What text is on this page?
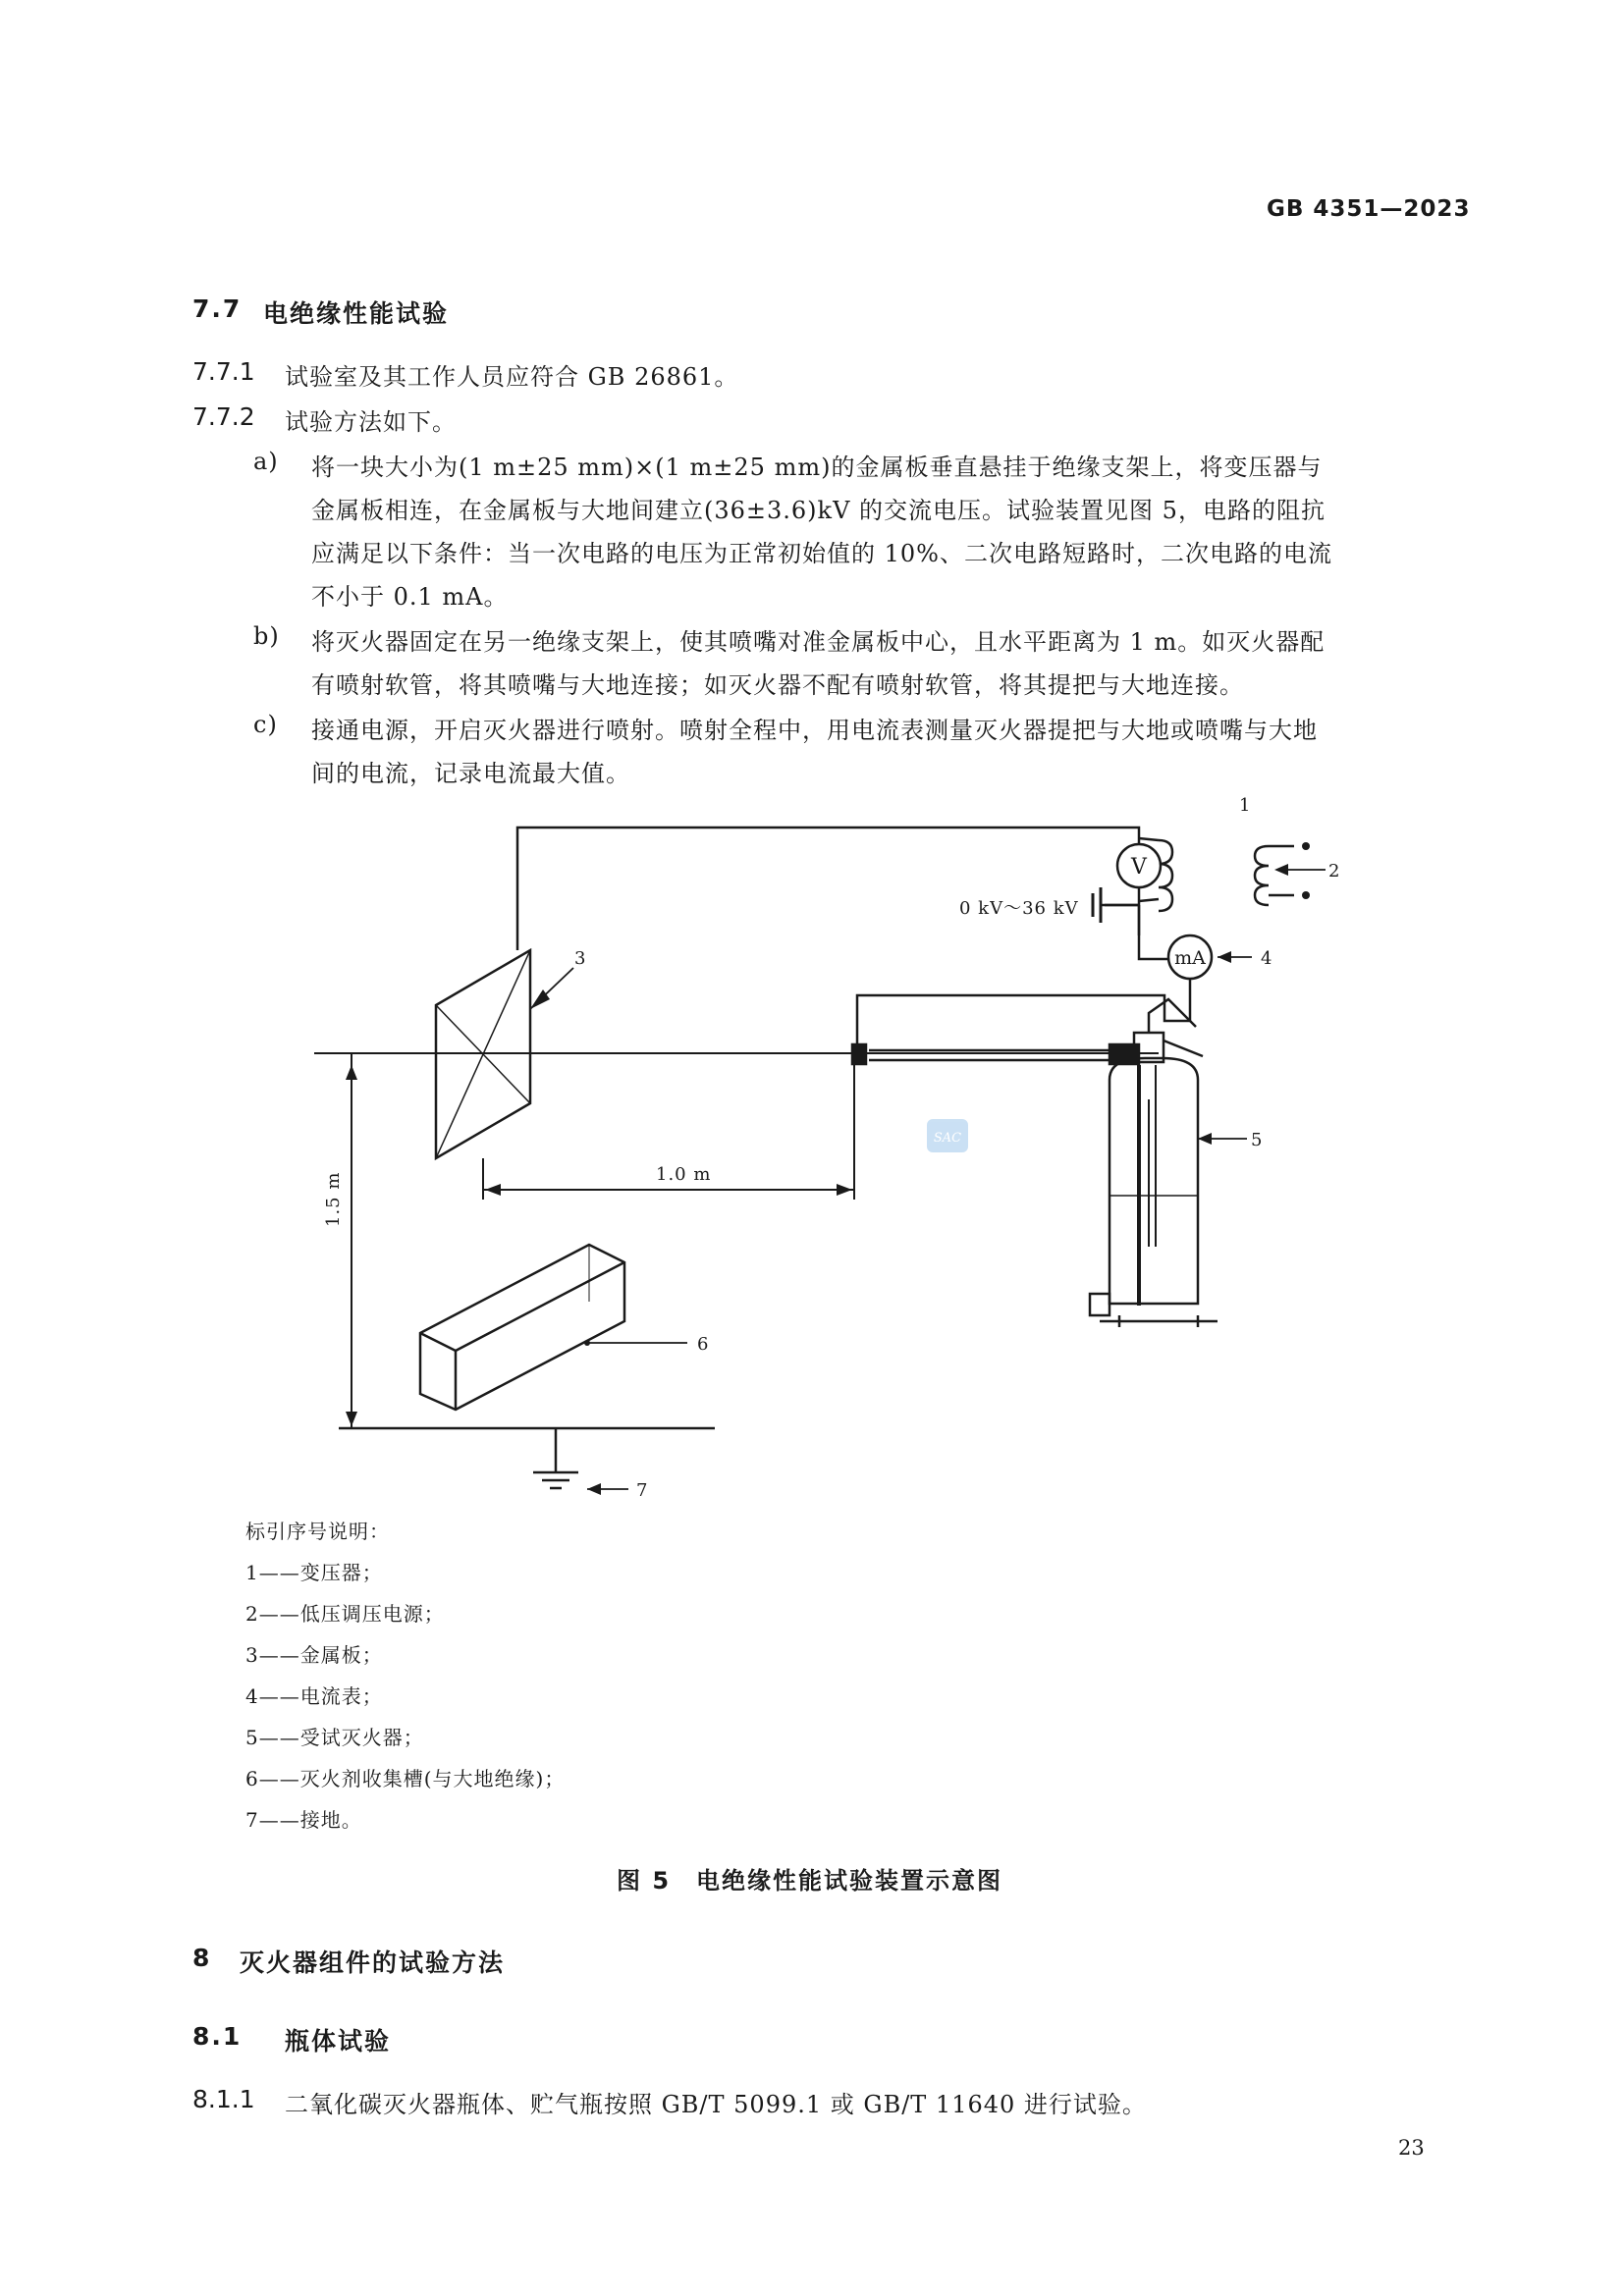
GB 4351—2023
7.7 电绝缘性能试验
7.7.1 试验室及其工作人员应符合 GB 26861。
7.7.2 试验方法如下。
a) 将一块大小为(1 m±25 mm)×(1 m±25 mm)的金属板垂直悬挂于绝缘支架上，将变压器与
金属板相连，在金属板与大地间建立(36±3.6)kV 的交流电压。试验装置见图 5，电路的阻抗
应满足以下条件：当一次电路的电压为正常初始值的 10%、二次电路短路时，二次电路的电流
不小于 0.1 mA。
b) 将灭火器固定在另一绝缘支架上，使其喷嘴对准金属板中心，且水平距离为 1 m。如灭火器配
有喷射软管，将其喷嘴与大地连接；如灭火器不配有喷射软管，将其提把与大地连接。
c) 接通电源，开启灭火器进行喷射。喷射全程中，用电流表测量灭火器提把与大地或喷嘴与大地
间的电流，记录电流最大值。
V
mA
0 kV～36 kV
1.0 m
1.5 m
1
2
3	4
5
6
7
SAC
标引序号说明：
1——变压器；
2——低压调压电源；
3——金属板；
4——电流表；
5——受试灭火器；
6——灭火剂收集槽(与大地绝缘)；
7——接地。
图 5　电绝缘性能试验装置示意图
8 灭火器组件的试验方法
8.1 瓶体试验
8.1.1 二氧化碳灭火器瓶体、贮气瓶按照 GB/T 5099.1 或 GB/T 11640 进行试验。
23
